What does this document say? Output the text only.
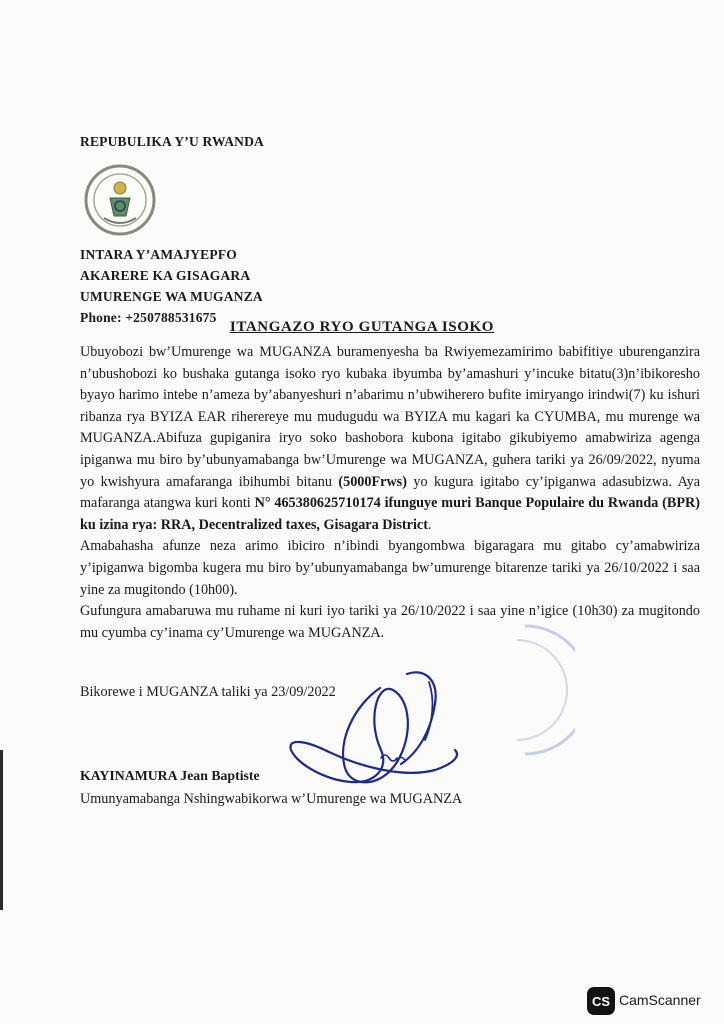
REPUBULIKA Y’U RWANDA
INTARA Y’AMAJYEPFO
AKARERE KA GISAGARA
UMURENGE WA MUGANZA
Phone: +250788531675
ITANGAZO RYO GUTANGA ISOKO

Ubuyobozi bw’Umurenge wa MUGANZA buramenyesha ba Rwiyemezamirimo babifitiye uburenganzira n’ubushobozi ko bushaka gutanga isoko ryo kubaka ibyumba by’amashuri y’incuke bitatu(3)n’ibikoresho byayo harimo intebe n’ameza by’abanyeshuri n’abarimu n’ubwiherero bufite imiryango irindwi(7) ku ishuri ribanza rya BYIZA EAR riherereye mu mudugudu wa BYIZA mu kagari ka CYUMBA, mu murenge wa MUGANZA.Abifuza gupiganira iryo soko bashobora kubona igitabo gikubiyemo amabwiriza agenga ipiganwa mu biro by’ubunyamabanga bw’Umurenge wa MUGANZA, guhera tariki ya 26/09/2022, nyuma yo kwishyura amafaranga ibihumbi bitanu (5000Frws) yo kugura igitabo cy’ipiganwa adasubizwa. Aya mafaranga atangwa kuri konti N° 465380625710174 ifunguye muri Banque Populaire du Rwanda (BPR) ku izina rya: RRA, Decentralized taxes, Gisagara District.

Amabahasha afunze neza arimo ibiciro n’ibindi byangombwa bigaragara mu gitabo cy’amabwiriza y’ipiganwa bigomba kugera mu biro by’ubunyamabanga bw’umurenge bitarenze tariki ya 26/10/2022 i saa yine za mugitondo (10h00).

Gufungura amabaruwa mu ruhame ni kuri iyo tariki ya 26/10/2022 i saa yine n’igice (10h30) za mugitondo mu cyumba cy’inama cy’Umurenge wa MUGANZA.

Bikorewe i MUGANZA taliki ya 23/09/2022
KAYINAMURA Jean Baptiste
Umunyamabanga Nshingwabikorwa w’Umurenge wa MUGANZA
CS CamScanner
